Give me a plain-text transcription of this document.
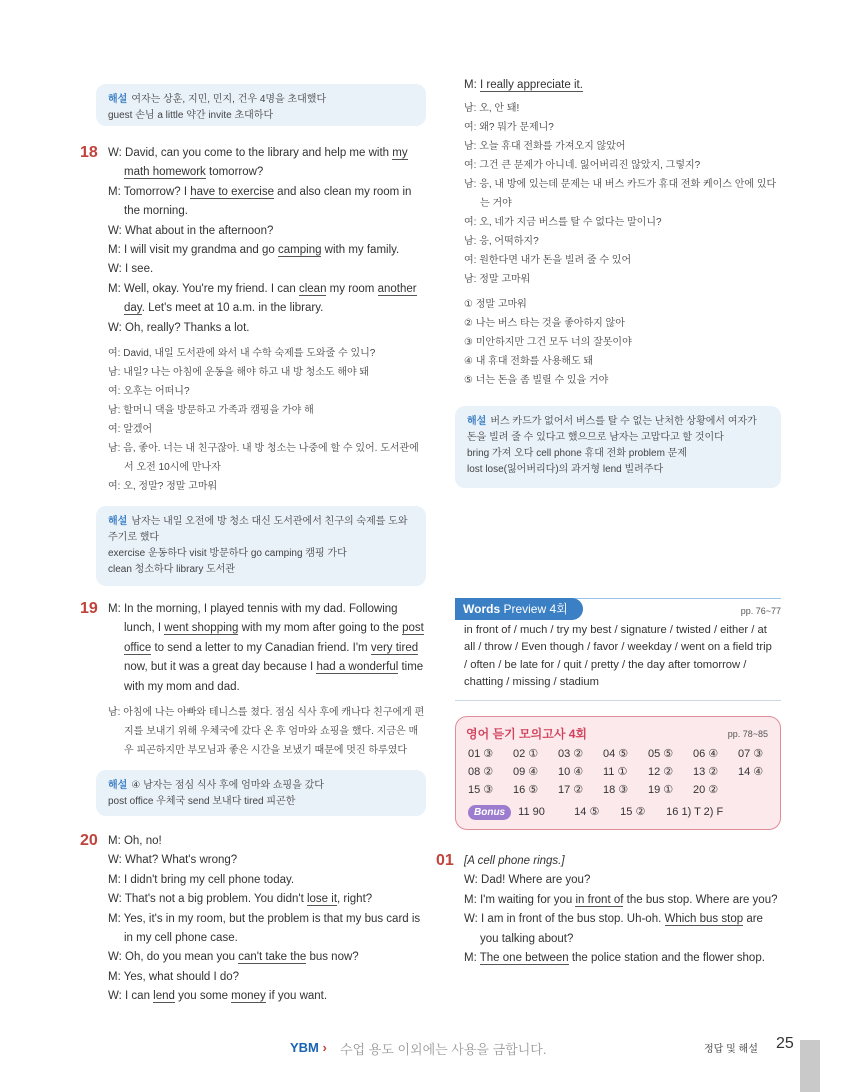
해설 여자는 상훈, 지민, 민지, 건우 4명을 초대했다
guest 손님 a little 약간 invite 초대하다
18 W: David, can you come to the library and help me with my math homework tomorrow?
M: Tomorrow? I have to exercise and also clean my room in the morning.
W: What about in the afternoon?
M: I will visit my grandma and go camping with my family.
W: I see.
M: Well, okay. You're my friend. I can clean my room another day. Let's meet at 10 a.m. in the library.
W: Oh, really? Thanks a lot.
여: David, 내일 도서관에 와서 내 수학 숙제를 도와줄 수 있니?
남: 내일? 나는 아침에 운동을 해야 하고 내 방 청소도 해야 돼
여: 오후는 어떠니?
남: 할머니 댁을 방문하고 가족과 캠핑을 가야 해
여: 알겠어
남: 음, 좋아. 너는 내 친구잖아. 내 방 청소는 나중에 할 수 있어. 도서관에서 오전 10시에 만나자
여: 오, 정말? 정말 고마워
해설 남자는 내일 오전에 방 청소 대신 도서관에서 친구의 숙제를 도와주기로 했다
exercise 운동하다 visit 방문하다 go camping 캠핑 가다
clean 청소하다 library 도서관
19 M: In the morning, I played tennis with my dad. Following lunch, I went shopping with my mom after going to the post office to send a letter to my Canadian friend. I'm very tired now, but it was a great day because I had a wonderful time with my mom and dad.
남: 아침에 나는 아빠와 테니스를 쳤다. 점심 식사 후에 캐나다 친구에게 편지를 보내기 위해 우체국에 갔다 온 후 엄마와 쇼핑을 했다. 지금은 매우 피곤하지만 부모님과 좋은 시간을 보냈기 때문에 멋진 하루였다
해설 ④ 남자는 점심 식사 후에 엄마와 쇼핑을 갔다
post office 우체국 send 보내다 tired 피곤한
20 M: Oh, no!
W: What? What's wrong?
M: I didn't bring my cell phone today.
W: That's not a big problem. You didn't lose it, right?
M: Yes, it's in my room, but the problem is that my bus card is in my cell phone case.
W: Oh, do you mean you can't take the bus now?
M: Yes, what should I do?
W: I can lend you some money if you want.
M: I really appreciate it.
남: 오, 안 돼!
여: 왜? 뭐가 문제니?
남: 오늘 휴대 전화를 가져오지 않았어
여: 그건 큰 문제가 아니네. 잃어버리진 않았지, 그렇지?
남: 응, 내 방에 있는데 문제는 내 버스 카드가 휴대 전화 케이스 안에 있다는 거야
여: 오, 네가 지금 버스를 탈 수 없다는 말이니?
남: 응, 어떡하지?
여: 원한다면 내가 돈을 빌려 줄 수 있어
남: 정말 고마워
① 정말 고마워
② 나는 버스 타는 것을 좋아하지 않아
③ 미안하지만 그건 모두 너의 잘못이야
④ 내 휴대 전화를 사용해도 돼
⑤ 너는 돈을 좀 빌릴 수 있을 거야
해설 버스 카드가 없어서 버스를 탈 수 없는 난처한 상황에서 여자가 돈을 빌려 줄 수 있다고 했으므로 남자는 고맙다고 할 것이다
bring 가져 오다 cell phone 휴대 전화 problem 문제
lost lose(잃어버리다)의 과거형 lend 빌려주다
Words Preview 4회	pp. 76~77
in front of / much / try my best / signature / twisted / either / at all / throw / Even though / favor / weekday / went on a field trip / often / be late for / quit / pretty / the day after tomorrow / chatting / missing / stadium
영어 듣기 모의고사 4회	pp. 78~85
01 ③ 02 ① 03 ② 04 ⑤ 05 ⑤ 06 ④ 07 ③
08 ② 09 ④ 10 ④ 11 ① 12 ② 13 ② 14 ④
15 ③ 16 ⑤ 17 ② 18 ③ 19 ① 20 ②
Bonus 11 90	14 ⑤ 15 ② 16 1) T 2) F
01 [A cell phone rings.]
W: Dad! Where are you?
M: I'm waiting for you in front of the bus stop. Where are you?
W: I am in front of the bus stop. Uh-oh. Which bus stop are you talking about?
M: The one between the police station and the flower shop.
YBM › 수업 용도 이외에는 사용을 금합니다.	정답 및 해설 25
